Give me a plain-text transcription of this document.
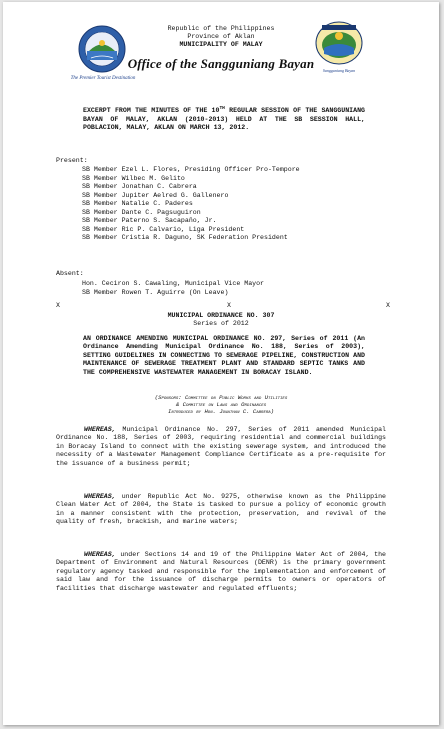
The Premier Tourist Destination
Sangguniang Bayan
Republic of the Philippines
Province of Aklan
MUNICIPALITY OF MALAY
Office of the Sangguniang Bayan
EXCERPT FROM THE MINUTES OF THE 10TH REGULAR SESSION OF THE SANGGUNIANG BAYAN OF MALAY, AKLAN (2010-2013) HELD AT THE SB SESSION HALL, POBLACION, MALAY, AKLAN ON MARCH 13, 2012.
Present:
SB Member Ezel L. Flores, Presiding Officer Pro-Tempore
SB Member Wilbec M. Gelito
SB Member Jonathan C. Cabrera
SB Member Jupiter Aelred G. Gallenero
SB Member Natalie C. Paderes
SB Member Dante C. Pagsuguiron
SB Member Paterno S. Sacapaño, Jr.
SB Member Ric P. Calvario, Liga President
SB Member Cristia R. Daguno, SK Federation President
Absent:
Hon. Ceciron S. Cawaling, Municipal Vice Mayor
SB Member Rowen T. Aguirre (On Leave)
X	X	X
MUNICIPAL ORDINANCE NO. 307
Series of 2012
AN ORDINANCE AMENDING MUNICIPAL ORDINANCE NO. 297, Series of 2011 (An Ordinance Amending Municipal Ordinance No. 188, Series of 2003), SETTING GUIDELINES IN CONNECTING TO SEWERAGE PIPELINE, CONSTRUCTION AND MAINTENANCE OF SEWERAGE TREATMENT PLANT AND STANDARD SEPTIC TANKS AND THE COMPREHENSIVE WASTEWATER MANAGEMENT IN BORACAY ISLAND.
(Sponsors: Committee on Public Works and Utilities
& Committee on Laws and Ordinances
Introduced by Hon. Jonathan C. Cabrera)
WHEREAS, Municipal Ordinance No. 297, Series of 2011 amended Municipal Ordinance No. 188, Series of 2003, requiring residential and commercial buildings in Boracay Island to connect with the existing sewerage system, and introduced the necessity of a Wastewater Management Compliance Certificate as a pre-requisite for the issuance of a business permit;
WHEREAS, under Republic Act No. 9275, otherwise known as the Philippine Clean Water Act of 2004, the State is tasked to pursue a policy of economic growth in a manner consistent with the protection, preservation, and revival of the quality of fresh, brackish, and marine waters;
WHEREAS, under Sections 14 and 19 of the Philippine Water Act of 2004, the Department of Environment and Natural Resources (DENR) is the primary government regulatory agency tasked and responsible for the implementation and enforcement of said law and for the issuance of discharge permits to owners or operators of facilities that discharge wastewater and regulated effluents;
